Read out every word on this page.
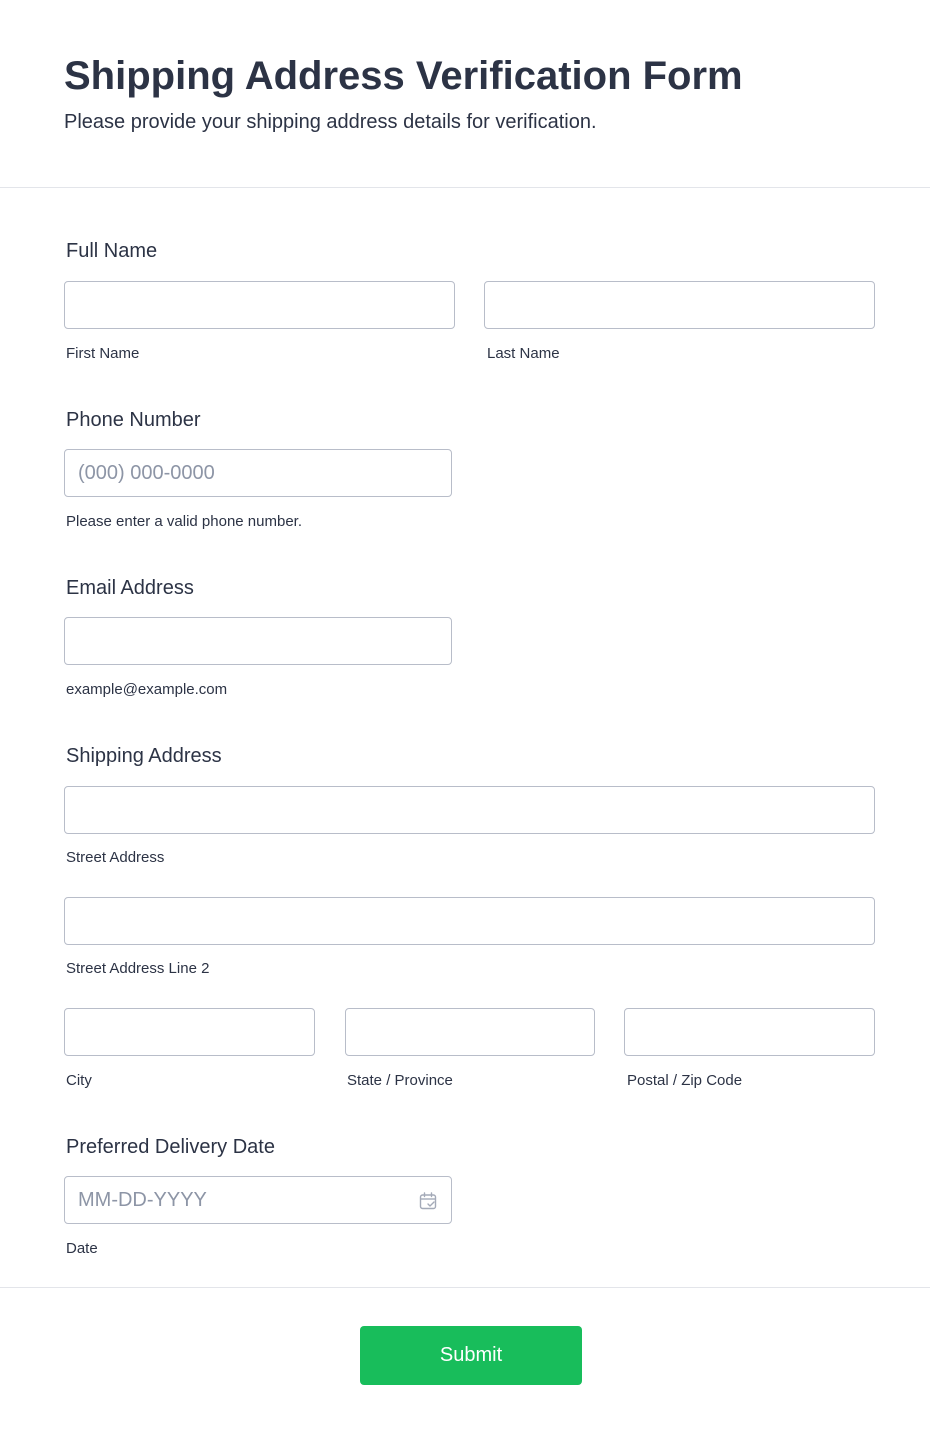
Shipping Address Verification Form

Please provide your shipping address details for verification.

Full Name
First Name	Last Name
Phone Number
(000) 000-0000
Please enter a valid phone number.
Email Address
example@example.com
Shipping Address
Street Address
Street Address Line 2
City	State / Province	Postal / Zip Code
Preferred Delivery Date
MM-DD-YYYY
Date
Submit
